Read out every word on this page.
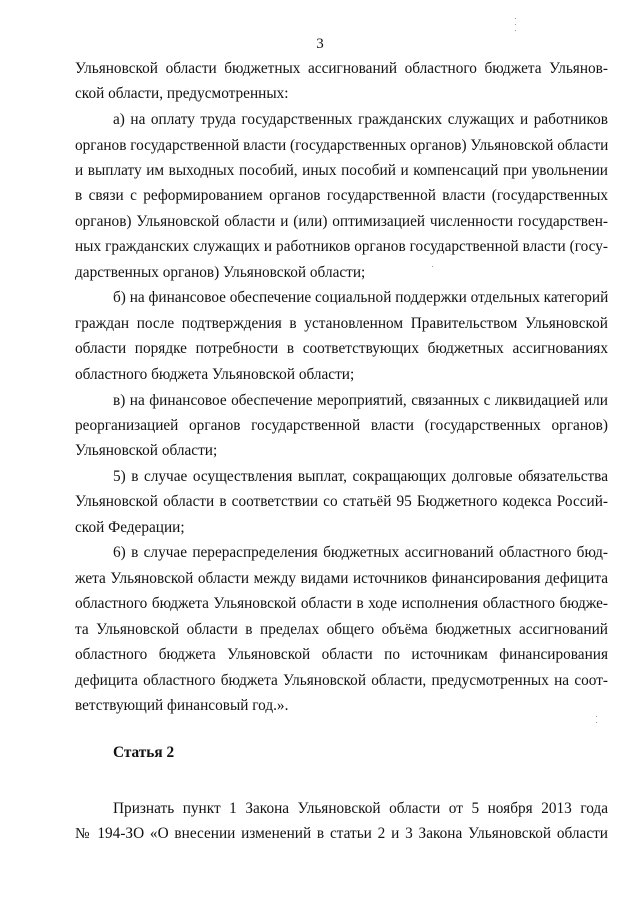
3
Ульяновской области бюджетных ассигнований областного бюджета Ульянов-
ской области, предусмотренных:
а) на оплату труда государственных гражданских служащих и работников
органов государственной власти (государственных органов) Ульяновской области
и выплату им выходных пособий, иных пособий и компенсаций при увольнении
в связи с реформированием органов государственной власти (государственных
органов) Ульяновской области и (или) оптимизацией численности государствен-
ных гражданских служащих и работников органов государственной власти (госу-
дарственных органов) Ульяновской области;
б) на финансовое обеспечение социальной поддержки отдельных категорий
граждан после подтверждения в установленном Правительством Ульяновской
области порядке потребности в соответствующих бюджетных ассигнованиях
областного бюджета Ульяновской области;
в) на финансовое обеспечение мероприятий, связанных с ликвидацией или
реорганизацией органов государственной власти (государственных органов)
Ульяновской области;
5) в случае осуществления выплат, сокращающих долговые обязательства
Ульяновской области в соответствии со статьёй 95 Бюджетного кодекса Россий-
ской Федерации;
6) в случае перераспределения бюджетных ассигнований областного бюд-
жета Ульяновской области между видами источников финансирования дефицита
областного бюджета Ульяновской области в ходе исполнения областного бюдже-
та Ульяновской области в пределах общего объёма бюджетных ассигнований
областного бюджета Ульяновской области по источникам финансирования
дефицита областного бюджета Ульяновской области, предусмотренных на соот-
ветствующий финансовый год.».
Статья 2
Признать пункт 1 Закона Ульяновской области от 5 ноября 2013 года
№ 194-ЗО «О внесении изменений в статьи 2 и 3 Закона Ульяновской области
